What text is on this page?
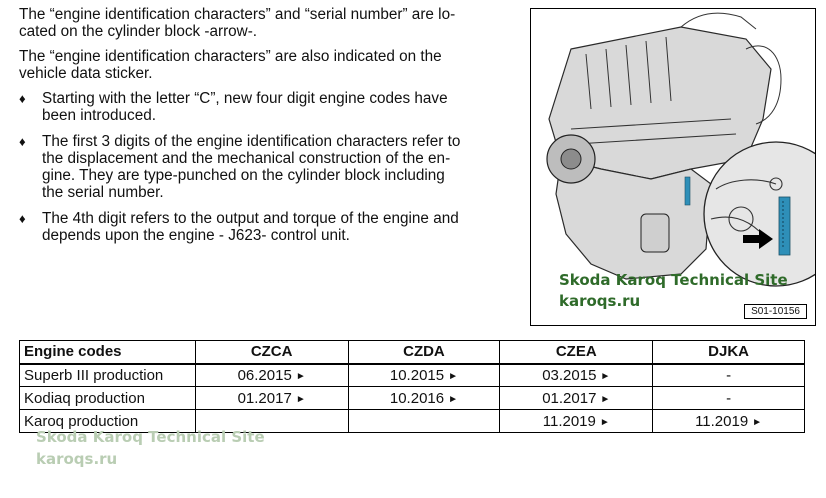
The “engine identification characters” and “serial number” are lo-
cated on the cylinder block -arrow-.

The “engine identification characters” are also indicated on the
vehicle data sticker.

♦ Starting with the letter “C”, new four digit engine codes have
been introduced.
♦ The first 3 digits of the engine identification characters refer to
the displacement and the mechanical construction of the en-
gine. They are type-punched on the cylinder block including
the serial number.
♦ The 4th digit refers to the output and torque of the engine and
depends upon the engine - J623- control unit.
Skoda Karoq Technical Site
karoqs.ru
S01-10156
Engine codes	CZCA	CZDA	CZEA	DJKA
Superb III production	06.2015 ►	10.2015 ►	03.2015 ►	-
Kodiaq production	01.2017 ►	10.2016 ►	01.2017 ►	-
Karoq production			11.2019 ►	11.2019 ►
Skoda Karoq Technical Site
karoqs.ru
